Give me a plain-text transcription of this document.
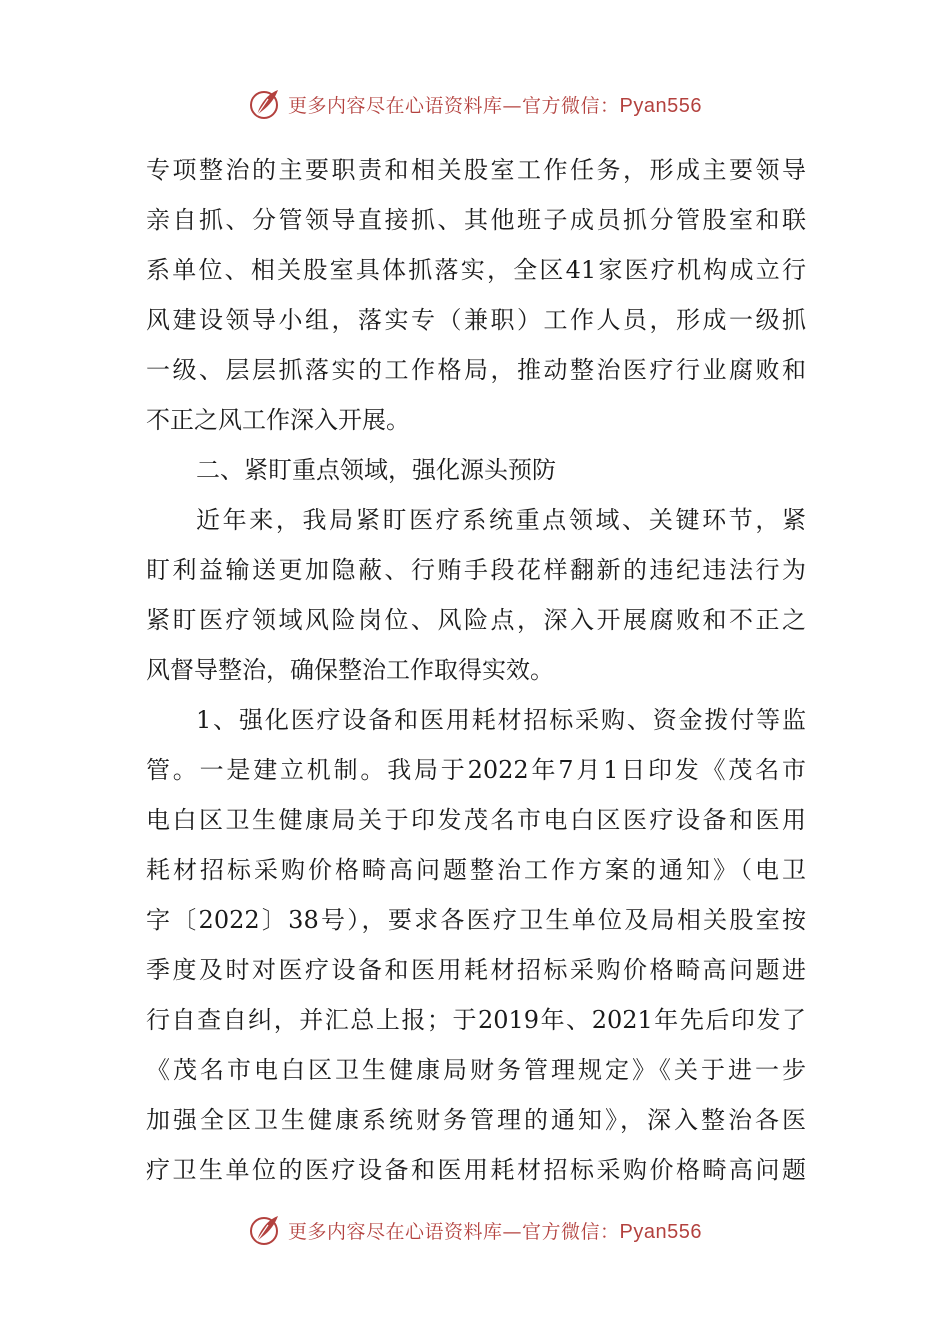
更多内容尽在心语资料库—官方微信：Pyan556
专项整治的主要职责和相关股室工作任务，形成主要领导
亲自抓、分管领导直接抓、其他班子成员抓分管股室和联
系单位、相关股室具体抓落实，全区41家医疗机构成立行
风建设领导小组，落实专（兼职）工作人员，形成一级抓
一级、层层抓落实的工作格局，推动整治医疗行业腐败和
不正之风工作深入开展。
二、紧盯重点领域，强化源头预防
近年来，我局紧盯医疗系统重点领域、关键环节，紧
盯利益输送更加隐蔽、行贿手段花样翻新的违纪违法行为
紧盯医疗领域风险岗位、风险点，深入开展腐败和不正之
风督导整治，确保整治工作取得实效。
1、强化医疗设备和医用耗材招标采购、资金拨付等监
管。一是建立机制。我局于2022年7月1日印发《茂名市
电白区卫生健康局关于印发茂名市电白区医疗设备和医用
耗材招标采购价格畸高问题整治工作方案的通知》（电卫
字〔2022〕38号），要求各医疗卫生单位及局相关股室按
季度及时对医疗设备和医用耗材招标采购价格畸高问题进
行自查自纠，并汇总上报；于2019年、2021年先后印发了
《茂名市电白区卫生健康局财务管理规定》《关于进一步
加强全区卫生健康系统财务管理的通知》，深入整治各医
疗卫生单位的医疗设备和医用耗材招标采购价格畸高问题
更多内容尽在心语资料库—官方微信：Pyan556
